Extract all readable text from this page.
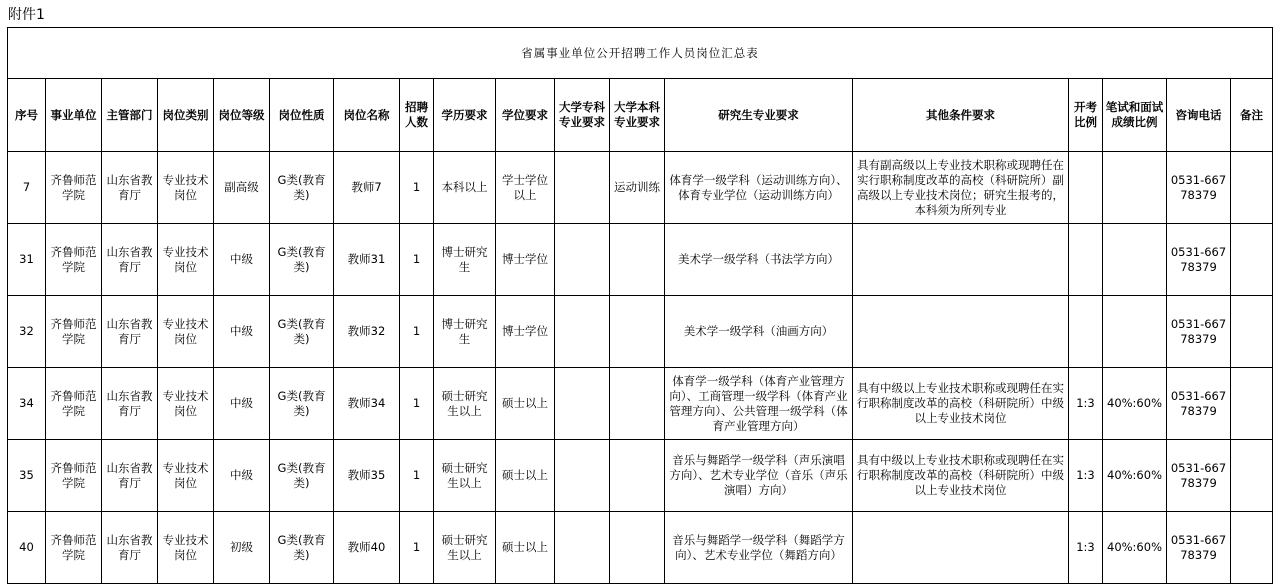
附件1
省属事业单位公开招聘工作人员岗位汇总表																	
序号	事业单位	主管部门	岗位类别	岗位等级	岗位性质	岗位名称	招聘人数	学历要求	学位要求	大学专科专业要求	大学本科专业要求	研究生专业要求	其他条件要求	开考比例	笔试和面试成绩比例	咨询电话	备注
7	齐鲁师范学院	山东省教育厅	专业技术岗位	副高级	G类(教育类)	教师7	1	本科以上	学士学位以上		运动训练	体育学一级学科（运动训练方向）、体育专业学位（运动训练方向）	具有副高级以上专业技术职称或现聘任在实行职称制度改革的高校（科研院所）副高级以上专业技术岗位；研究生报考的，本科须为所列专业			0531-66778379	
31	齐鲁师范学院	山东省教育厅	专业技术岗位	中级	G类(教育类)	教师31	1	博士研究生	博士学位			美术学一级学科（书法学方向）				0531-66778379	
32	齐鲁师范学院	山东省教育厅	专业技术岗位	中级	G类(教育类)	教师32	1	博士研究生	博士学位			美术学一级学科（油画方向）				0531-66778379	
34	齐鲁师范学院	山东省教育厅	专业技术岗位	中级	G类(教育类)	教师34	1	硕士研究生以上	硕士以上			体育学一级学科（体育产业管理方向）、工商管理一级学科（体育产业管理方向）、公共管理一级学科（体育产业管理方向）	具有中级以上专业技术职称或现聘任在实行职称制度改革的高校（科研院所）中级以上专业技术岗位	1:3	40%:60%	0531-66778379	
35	齐鲁师范学院	山东省教育厅	专业技术岗位	中级	G类(教育类)	教师35	1	硕士研究生以上	硕士以上			音乐与舞蹈学一级学科（声乐演唱方向）、艺术专业学位（音乐（声乐演唱）方向）	具有中级以上专业技术职称或现聘任在实行职称制度改革的高校（科研院所）中级以上专业技术岗位	1:3	40%:60%	0531-66778379	
40	齐鲁师范学院	山东省教育厅	专业技术岗位	初级	G类(教育类)	教师40	1	硕士研究生以上	硕士以上			音乐与舞蹈学一级学科（舞蹈学方向）、艺术专业学位（舞蹈方向）		1:3	40%:60%	0531-66778379	
